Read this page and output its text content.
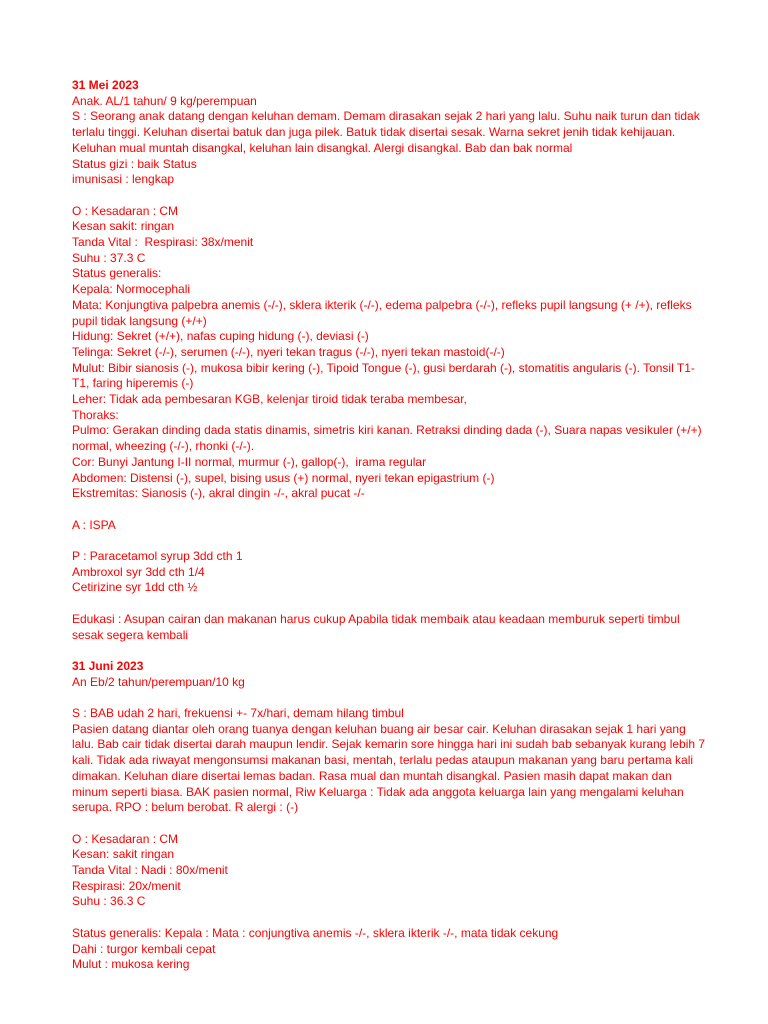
31 Mei 2023
Anak. AL/1 tahun/ 9 kg/perempuan
S : Seorang anak datang dengan keluhan demam. Demam dirasakan sejak 2 hari yang lalu. Suhu naik turun dan tidak terlalu tinggi. Keluhan disertai batuk dan juga pilek. Batuk tidak disertai sesak. Warna sekret jenih tidak kehijauan. Keluhan mual muntah disangkal, keluhan lain disangkal. Alergi disangkal. Bab dan bak normal
Status gizi : baik Status
imunisasi : lengkap
O : Kesadaran : CM
Kesan sakit: ringan
Tanda Vital :  Respirasi: 38x/menit
Suhu : 37.3 C
Status generalis:
Kepala: Normocephali
Mata: Konjungtiva palpebra anemis (-/-), sklera ikterik (-/-), edema palpebra (-/-), refleks pupil langsung (+ /+), refleks pupil tidak langsung (+/+)
Hidung: Sekret (+/+), nafas cuping hidung (-), deviasi (-)
Telinga: Sekret (-/-), serumen (-/-), nyeri tekan tragus (-/-), nyeri tekan mastoid(-/-)
Mulut: Bibir sianosis (-), mukosa bibir kering (-), Tipoid Tongue (-), gusi berdarah (-), stomatitis angularis (-). Tonsil T1-T1, faring hiperemis (-)
Leher: Tidak ada pembesaran KGB, kelenjar tiroid tidak teraba membesar,
Thoraks:
Pulmo: Gerakan dinding dada statis dinamis, simetris kiri kanan. Retraksi dinding dada (-), Suara napas vesikuler (+/+) normal, wheezing (-/-), rhonki (-/-).
Cor: Bunyi Jantung I-II normal, murmur (-), gallop(-),  irama regular
Abdomen: Distensi (-), supel, bising usus (+) normal, nyeri tekan epigastrium (-)
Ekstremitas: Sianosis (-), akral dingin -/-, akral pucat -/-
A : ISPA
P : Paracetamol syrup 3dd cth 1
Ambroxol syr 3dd cth 1/4
Cetirizine syr 1dd cth ½
Edukasi : Asupan cairan dan makanan harus cukup Apabila tidak membaik atau keadaan memburuk seperti timbul sesak segera kembali
31 Juni 2023
An Eb/2 tahun/perempuan/10 kg
S : BAB udah 2 hari, frekuensi +- 7x/hari, demam hilang timbul
Pasien datang diantar oleh orang tuanya dengan keluhan buang air besar cair. Keluhan dirasakan sejak 1 hari yang lalu. Bab cair tidak disertai darah maupun lendir. Sejak kemarin sore hingga hari ini sudah bab sebanyak kurang lebih 7 kali. Tidak ada riwayat mengonsumsi makanan basi, mentah, terlalu pedas ataupun makanan yang baru pertama kali dimakan. Keluhan diare disertai lemas badan. Rasa mual dan muntah disangkal. Pasien masih dapat makan dan minum seperti biasa. BAK pasien normal, Riw Keluarga : Tidak ada anggota keluarga lain yang mengalami keluhan serupa. RPO : belum berobat. R alergi : (-)
O : Kesadaran : CM
Kesan: sakit ringan
Tanda Vital : Nadi : 80x/menit
Respirasi: 20x/menit
Suhu : 36.3 C
Status generalis: Kepala : Mata : conjungtiva anemis -/-, sklera ikterik -/-, mata tidak cekung
Dahi : turgor kembali cepat
Mulut : mukosa kering
